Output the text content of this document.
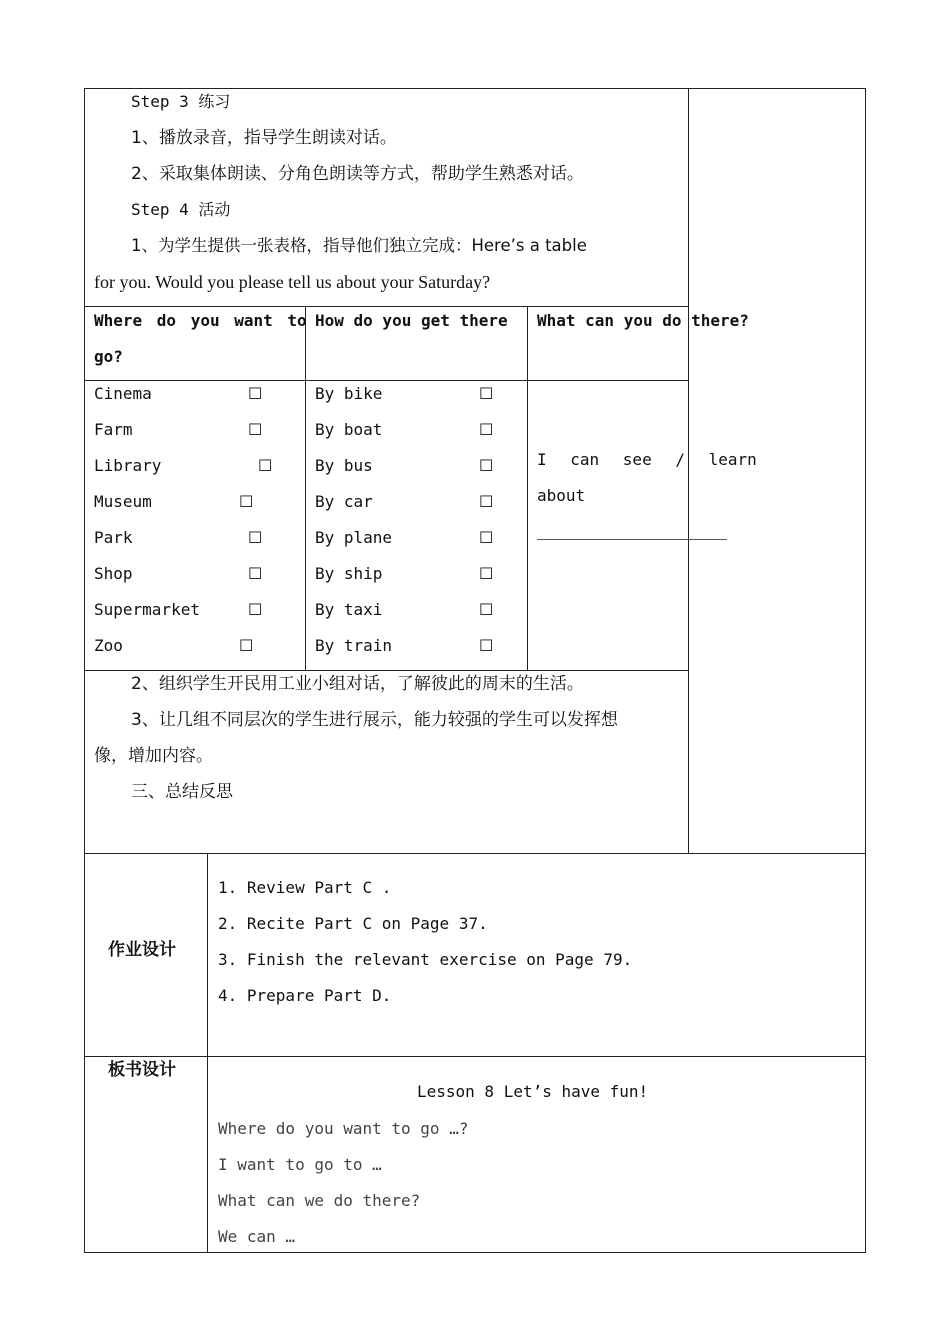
Step 3 练习
1、播放录音，指导学生朗读对话。
2、采取集体朗读、分角色朗读等方式，帮助学生熟悉对话。
Step 4 活动
1、为学生提供一张表格，指导他们独立完成：Here’s a table
for you. Would you please tell us about your Saturday?
Where do you want to
go?
How do you get there What can you do there?
Cinema
Farm
Library
Museum
Park
Shop
Supermarket
Zoo
☐
☐
☐
☐
☐
☐
☐
☐
By bike
By boat
By bus
By car
By plane
By ship
By taxi
By train
☐
☐
☐
☐
☐
☐
☐
☐
I can see / learn
about
2、组织学生开民用工业小组对话，了解彼此的周末的生活。
3、让几组不同层次的学生进行展示，能力较强的学生可以发挥想
像，增加内容。
三、总结反思
作业设计
1. Review Part C .
2. Recite Part C on Page 37.
3. Finish the relevant exercise on Page 79.
4. Prepare Part D.
板书设计
Lesson 8 Let’s have fun!
Where do you want to go …?
I want to go to …
What can we do there?
We can …
